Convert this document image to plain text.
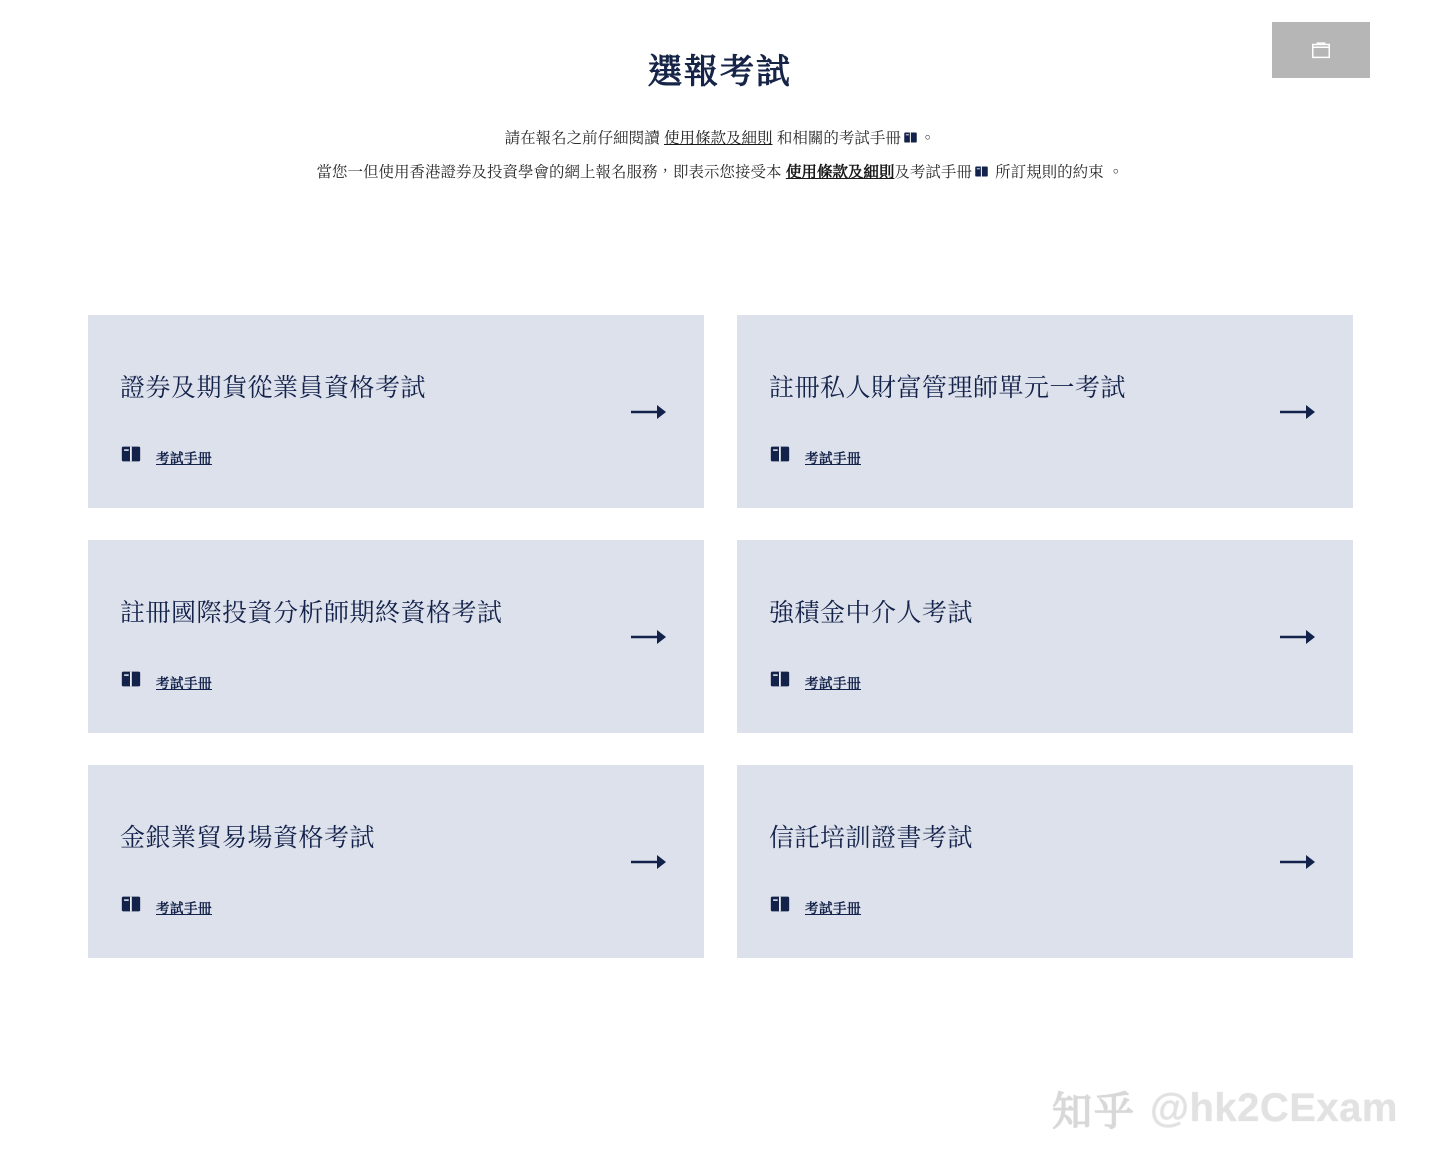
選報考試
請在報名之前仔細閱讀 使用條款及細則 和相關的考試手冊 。
當您一但使用香港證券及投資學會的網上報名服務，即表示您接受本 使用條款及細則及考試手冊 所訂規則的約束 。
證券及期貨從業員資格考試
考試手冊
註冊私人財富管理師單元一考試
考試手冊
註冊國際投資分析師期終資格考試
考試手冊
強積金中介人考試
考試手冊
金銀業貿易場資格考試
考試手冊
信託培訓證書考試
考試手冊
知乎 @hk2CExam
